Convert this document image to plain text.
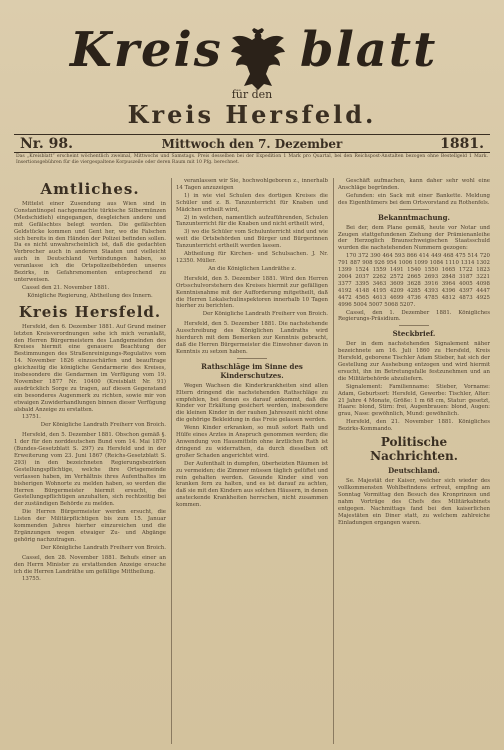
Kreis blatt
für den
Kreis Hersfeld.
Nr. 98.	Mittwoch den 7. Dezember	1881.
Das „Kreisblatt“ erscheint wöchentlich zweimal, Mittwochs und Samstags. Preis desselben bei der Expedition 1 Mark pro Quartal, bei den Reichspost-Anstalten bezogen ohne Bestellgeld 1 Mark. Insertionsgebühren für die viergespaltene Korpuszeile oder deren Raum mit 10 Pfg. berechnet.
Amtliches.

Mittelst einer Zusendung aus Wien sind in Constantinopel nachgemachte türkische Silbermünzen (Medschidieh) eingegangen, desgleichen andere und mit Gefälschtes belegt worden. Die gefälschten Geldstücke kommen und Gent her, wo die Falschen sich bereits in den Händen der Polizei befinden sollen. Da es nicht unwahrscheinlich ist, daß die gedachten Verbrecher auch in anderen Staaten und vielleicht auch in Deutschland Verbindungen haben, so veranlasse ich die Ortspolizeibehörden unseres Bezirks, in Gefahrsmomenten entsprechend zu unterweisen.

Cassel den 21. November 1881.

Königliche Regierung, Abtheilung des Innern.
Kreis Hersfeld.

Hersfeld, den 6. Dezember 1881. Auf Grund meiner letzten Kreisverordnungen sehe ich mich veranlaßt, den Herren Bürgermeistern des Landgemeinden des Kreises hiermit eine genauere Beachtung der Bestimmungen des Straßenreinigungs-Regulativs vom 14. November 1826 einzuschärfen und beauftrage gleichzeitig die königliche Gendarmerie des Kreises, insbesondere die Gendarmen im Verfügung vom 19. November 1877 Nr. 10400 (Kreisblatt Nr. 91) ausdrücklich Sorge zu tragen, auf diesen Gegenstand ein besonderes Augenmerk zu richten, sowie mir von etwaigen Zuwiderhandlungen binnen dieser Verfügung alsbald Anzeige zu erstatten.

13751.

Der Königliche Landrath Freiherr von Broich.

Hersfeld, den 5. Dezember 1881. Obschon gemäß §. 1 der für den norddeutschen Bund vom 14. Mai 1870 (Bundes-Gesetzblatt S. 297) zu Hersfeld und in der Erweiterung vom 23. Juni 1867 (Reichs-Gesetzblatt S. 293) in den bezeichneten Regierungsbezirken Gestellungspflichtige, welche ihre Ortsgemeinde verlassen haben, im Verhältnis ihres Aufenthaltes im bisherigen Wohnorte zu melden haben, so werden die Herren Bürgermeister hiermit ersucht, die Gestellungspflichtigen anzuhalten, sich rechtzeitig bei der zuständigen Behörde zu melden.

Die Herren Bürgermeister werden ersucht, die Listen der Militärpflichtigen bis zum 15. Januar kommenden Jahres hierher einzureichen und die Ergänzungen wegen etwaiger Zu- und Abgänge gehörig nachzutragen.

Der Königliche Landrath Freiherr von Broich.

Cassel, den 28. November 1881. Behufs einer an den Herrn Minister zu erstattenden Anzeige ersuche ich die Herren Landräthe um gefällige Mittheilung.

13755.

veranlassen wir Sie, hochwohlgeboren z., innerhalb 14 Tagen anzuzeigen

1) in wie viel Schulen des dortigen Kreises die Schüler und z. B. Tanzunterricht für Knaben und Mädchen ertheilt wird,

2) in welchen, namentlich aufzuführenden, Schulen Tanzunterricht für die Knaben und nicht ertheilt wird,

3) wo die Schüler vom Schulunterricht sind und wie weit die Ortsbehörden und Bürger und Bürgerinnen Tanzunterricht ertheilt werden lassen.

Abtheilung für Kirchen- und Schulsachen. J. Nr. 12350. Müller.

An die Königlichen Landräthe z.

Hersfeld, den 5. Dezember 1881. Wird den Herren Ortsschulvorstehern des Kreises hiermit zur gefälligen Kenntnisnahme mit der Aufforderung mitgetheilt, daß die Herren Lokalschulinspektoren innerhalb 10 Tagen hierher zu berichten.

Der Königliche Landrath Freiherr von Broich.

Hersfeld, den 5. Dezember 1881. Die nachstehende Ausschreibung des Königlichen Landraths wird hierdurch mit dem Bemerken zur Kenntnis gebracht, daß die Herren Bürgermeister die Einwohner davon in Kenntnis zu setzen haben.

Rathschläge im Sinne des Kinderschutzes.

Wegen Wachsen die Kinderkrankheiten sind allen Eltern dringend die nachstehenden Rathschläge zu empfehlen, bei denen es darauf ankommt, daß die Kinder vor Erkältung gesichert werden, insbesondere die kleinen Kinder in der rauhen Jahreszeit nicht ohne die gehörige Bekleidung in das Freie gelassen werden.

Wenn Kinder erkranken, so muß sofort Rath und Hülfe eines Arztes in Anspruch genommen werden; die Anwendung von Hausmitteln ohne ärztlichen Rath ist dringend zu widerrathen, da durch dieselben oft großer Schaden angerichtet wird.

Der Aufenthalt in dumpfen, überheizten Räumen ist zu vermeiden; die Zimmer müssen täglich gelüftet und rein gehalten werden. Gesunde Kinder sind von kranken fern zu halten, und es ist darauf zu achten, daß sie mit den Kindern aus solchen Häusern, in denen ansteckende Krankheiten herrschen, nicht zusammen kommen.

Geschäft aufmachen, kann daher sehr wohl eine Anschläge begründen.

Gefunden: ein Sack mit einer Bankette. Meldung des Eigenthümers bei dem Ortsvorstand zu Rothenfels.

Bekanntmachung.

Bei der, dem Plane gemäß, heute vor Notar und Zeugen stattgefundenen Ziehung der Prämienanleihe der Herzoglich Braunschweigischen Staatsschuld wurden die nachstehenden Nummern gezogen:

170 372 390 464 593 866 414 449 468 475 514 720 791 887 908 926 954 1006 1099 1084 1110 1314 1302 1399 1524 1559 1491 1540 1550 1665 1722 1823 2004 2037 2262 2572 2665 2693 2848 3187 3221 3377 3395 3463 3609 3628 3916 3964 4005 4098 4192 4148 4195 4209 4285 4393 4396 4397 4447 4472 4565 4613 4699 4736 4785 4812 4873 4925 4996 5004 5007 5068 5207.

Cassel, den 1. Dezember 1881. Königliches Regierungs-Präsidium.

Steckbrief.

Der in dem nachstehenden Signalement näher bezeichnete am 16. Juli 1860 zu Hersfeld, Kreis Hersfeld, geborene Tischler Adam Stieber, hat sich der Gestellung zur Aushebung entzogen und wird hiermit ersucht, ihn im Betretungsfalle festzunehmen und an die Militärbehörde abzuliefern.

Signalement: Familienname: Stieber, Vorname: Adam, Geburtsort: Hersfeld, Gewerbe: Tischler, Alter: 21 Jahre 4 Monate, Größe: 1 m 68 cm, Statur: gesetzt, Haare: blond, Stirn: frei, Augenbrauen: blond, Augen: grau, Nase: gewöhnlich, Mund: gewöhnlich.

Hersfeld, den 21. November 1881. Königliches Bezirks-Kommando.

Politische Nachrichten.
Deutschland.

Se. Majestät der Kaiser, welcher sich wieder des vollkommensten Wohlbefindens erfreut, empfing am Sonntag Vormittag den Besuch des Kronprinzen und nahm Vorträge des Chefs des Militärkabinets entgegen. Nachmittags fand bei den kaiserlichen Majestäten ein Diner statt, zu welchem zahlreiche Einladungen ergangen waren.
